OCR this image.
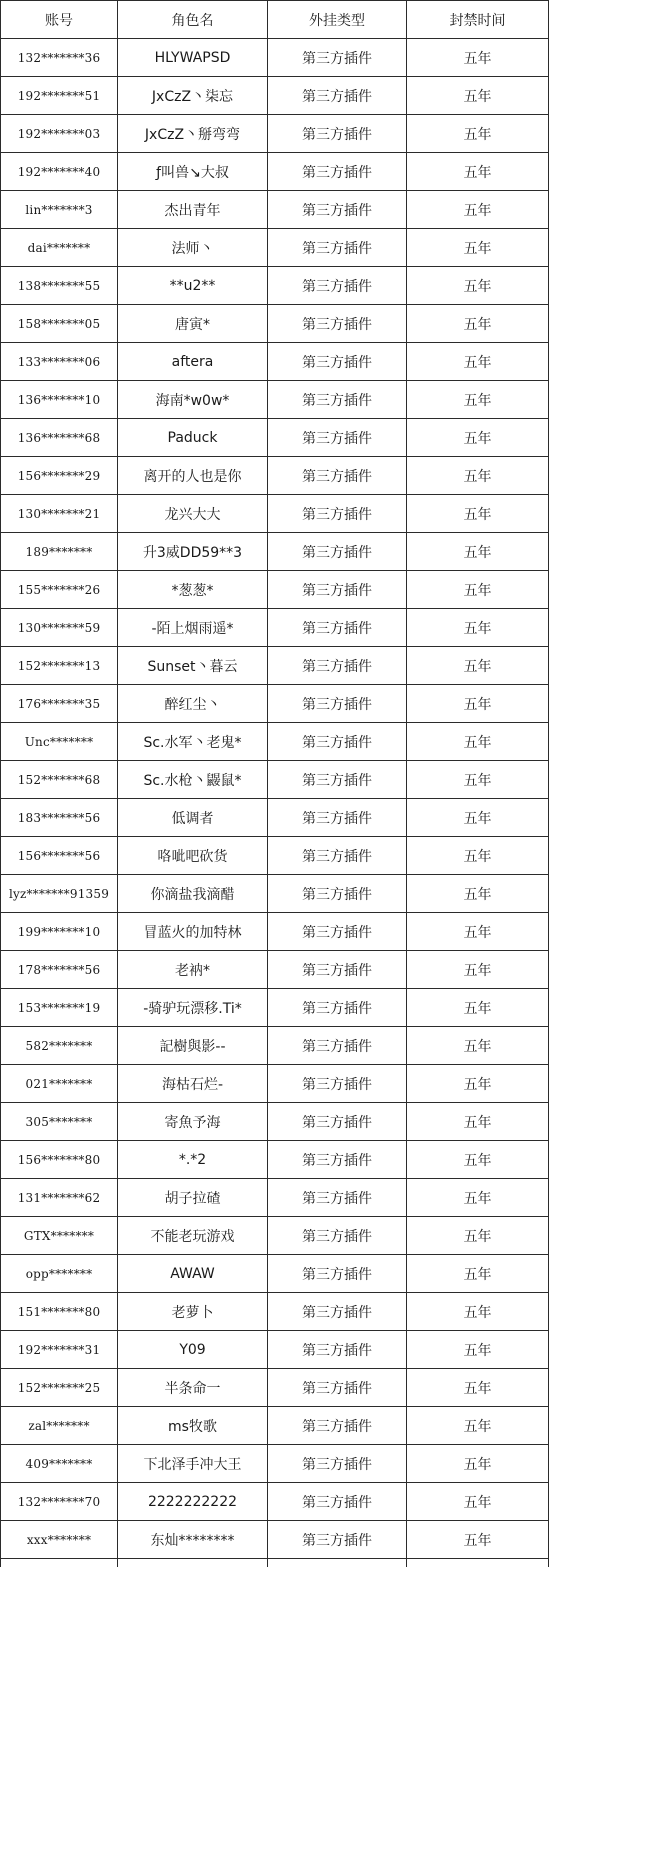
账号	角色名	外挂类型	封禁时间
132*******36	HLYWAPSD	第三方插件	五年
192*******51	JxCzZ丶柒忘	第三方插件	五年
192*******03	JxCzZ丶掰弯弯	第三方插件	五年
192*******40	ƒ叫兽↘大叔	第三方插件	五年
lin*******3	杰出青年	第三方插件	五年
dai*******	法师丶	第三方插件	五年
138*******55	**u2**	第三方插件	五年
158*******05	唐寅*	第三方插件	五年
133*******06	aftera	第三方插件	五年
136*******10	海南*w0w*	第三方插件	五年
136*******68	Paduck	第三方插件	五年
156*******29	离开的人也是你	第三方插件	五年
130*******21	龙兴大大	第三方插件	五年
189*******	升3威DD59**3	第三方插件	五年
155*******26	*葱葱*	第三方插件	五年
130*******59	-陌上烟雨遥*	第三方插件	五年
152*******13	Sunset丶暮云	第三方插件	五年
176*******35	醉红尘丶	第三方插件	五年
Unc*******	Sc.水军丶老鬼*	第三方插件	五年
152*******68	Sc.水枪丶鼹鼠*	第三方插件	五年
183*******56	低调者	第三方插件	五年
156*******56	咯呲吧砍货	第三方插件	五年
lyz*******91359	你滴盐我滴醋	第三方插件	五年
199*******10	冒蓝火的加特林	第三方插件	五年
178*******56	老衲*	第三方插件	五年
153*******19	-骑驴玩漂移.Ti*	第三方插件	五年
582*******	記樹與影--	第三方插件	五年
021*******	海枯石烂-	第三方插件	五年
305*******	寄魚予海	第三方插件	五年
156*******80	*.*2	第三方插件	五年
131*******62	胡子拉碴	第三方插件	五年
GTX*******	不能老玩游戏	第三方插件	五年
opp*******	AWAW	第三方插件	五年
151*******80	老萝卜	第三方插件	五年
192*******31	Y09	第三方插件	五年
152*******25	半条命一	第三方插件	五年
zal*******	ms牧歌	第三方插件	五年
409*******	下北泽手冲大王	第三方插件	五年
132*******70	2222222222	第三方插件	五年
xxx*******	东灿********	第三方插件	五年
